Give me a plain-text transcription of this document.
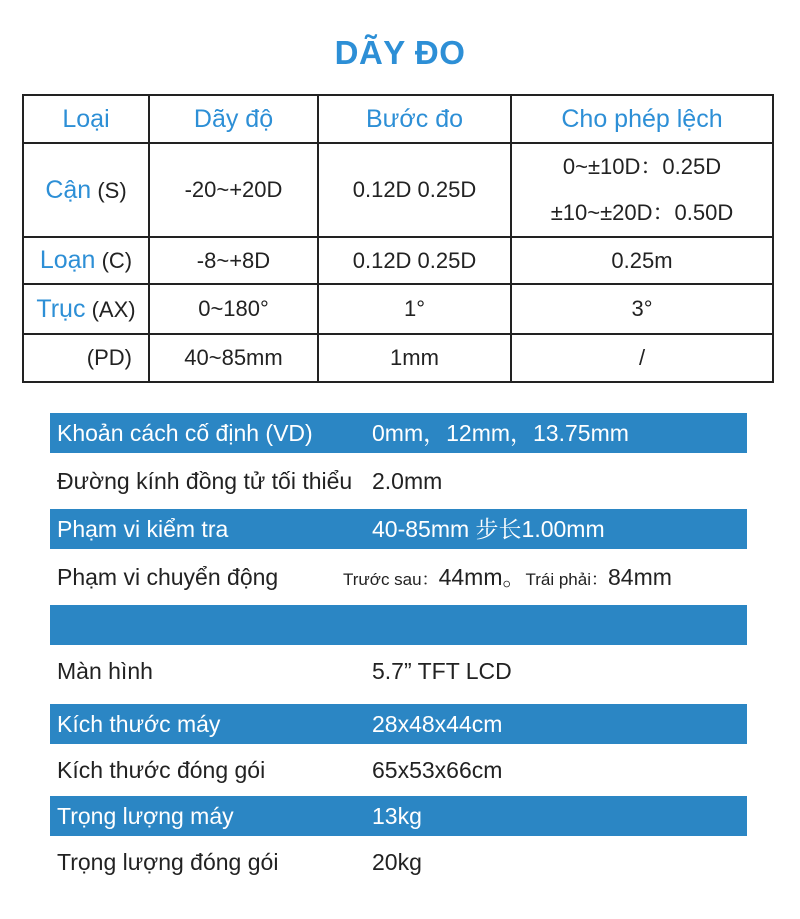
DÃY ĐO
Loại	Dãy độ	Bước đo	Cho phép lệch
Cận (S)	-20~+20D	0.12D 0.25D	0~±10D：0.25D
±10~±20D：0.50D

Loạn (C)	-8~+8D	0.12D 0.25D	0.25m
Trục (AX)	0~180°	1°	3°
(PD)	40~85mm	1mm	/
Khoản cách cố định (VD)	0mm，12mm，13.75mm
Đường kính đồng tử tối thiểu 2.0mm
Phạm vi kiểm tra	40-85mm 步长1.00mm
Phạm vi chuyển động	Trước sau：44mm。Trái phải：84mm
Màn hình	5.7” TFT LCD
Kích thước máy	28x48x44cm
Kích thước đóng gói	65x53x66cm
Trọng lượng máy	13kg
Trọng lượng đóng gói	20kg
